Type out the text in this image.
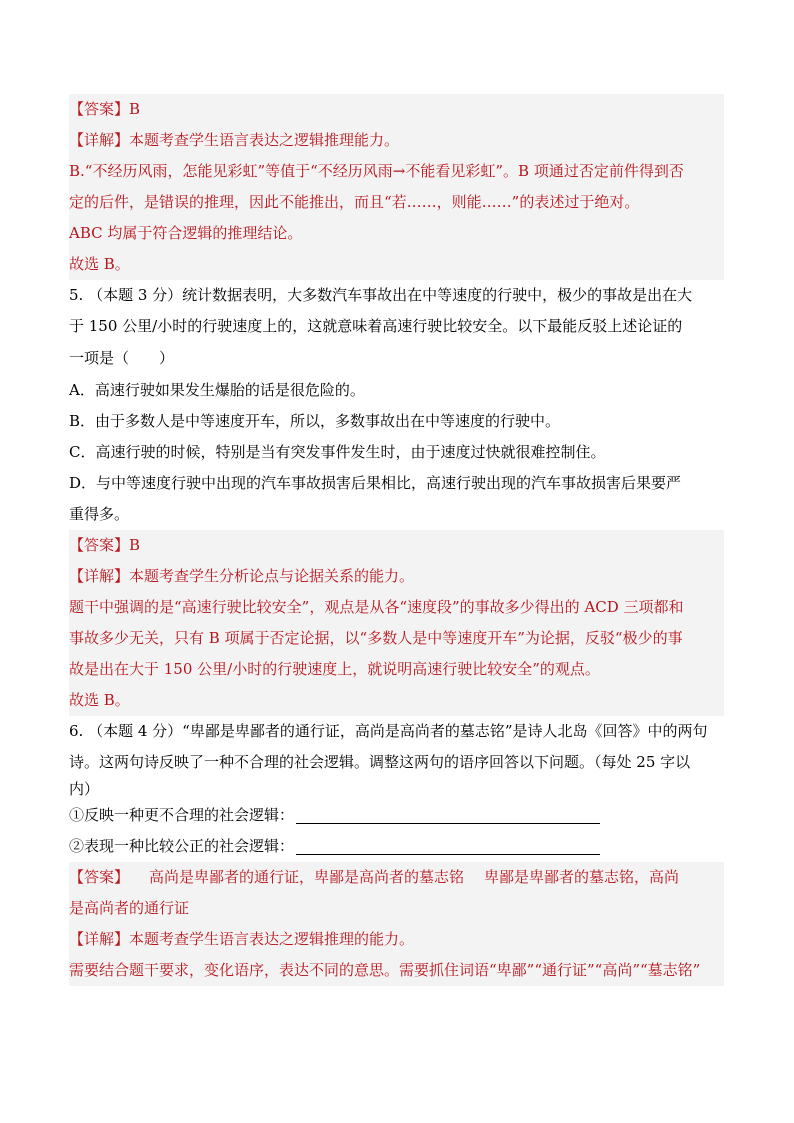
【答案】B
【详解】本题考查学生语言表达之逻辑推理能力。
B.“不经历风雨，怎能见彩虹”等值于“不经历风雨→不能看见彩虹”。B 项通过否定前件得到否
定的后件，是错误的推理，因此不能推出，而且“若……，则能……”的表述过于绝对。
ABC 均属于符合逻辑的推理结论。
故选 B。
5. （本题 3 分）统计数据表明，大多数汽车事故出在中等速度的行驶中，极少的事故是出在大
于 150 公里/小时的行驶速度上的，这就意味着高速行驶比较安全。以下最能反驳上述论证的
一项是（　　）
A．高速行驶如果发生爆胎的话是很危险的。
B．由于多数人是中等速度开车，所以，多数事故出在中等速度的行驶中。
C．高速行驶的时候，特别是当有突发事件发生时，由于速度过快就很难控制住。
D．与中等速度行驶中出现的汽车事故损害后果相比，高速行驶出现的汽车事故损害后果要严
重得多。
【答案】B
【详解】本题考查学生分析论点与论据关系的能力。
题干中强调的是“高速行驶比较安全”，观点是从各“速度段”的事故多少得出的 ACD 三项都和
事故多少无关，只有 B 项属于否定论据，以“多数人是中等速度开车”为论据，反驳“极少的事
故是出在大于 150 公里/小时的行驶速度上，就说明高速行驶比较安全”的观点。
故选 B。
6. （本题 4 分）“卑鄙是卑鄙者的通行证，高尚是高尚者的墓志铭”是诗人北岛《回答》中的两句
诗。这两句诗反映了一种不合理的社会逻辑。调整这两句的语序回答以下问题。（每处 25 字以
内）
①反映一种更不合理的社会逻辑：
②表现一种比较公正的社会逻辑：
【答案】 高尚是卑鄙者的通行证，卑鄙是高尚者的墓志铭 卑鄙是卑鄙者的墓志铭，高尚
是高尚者的通行证
【详解】本题考查学生语言表达之逻辑推理的能力。
需要结合题干要求，变化语序，表达不同的意思。需要抓住词语“卑鄙”“通行证”“高尚”“墓志铭”
